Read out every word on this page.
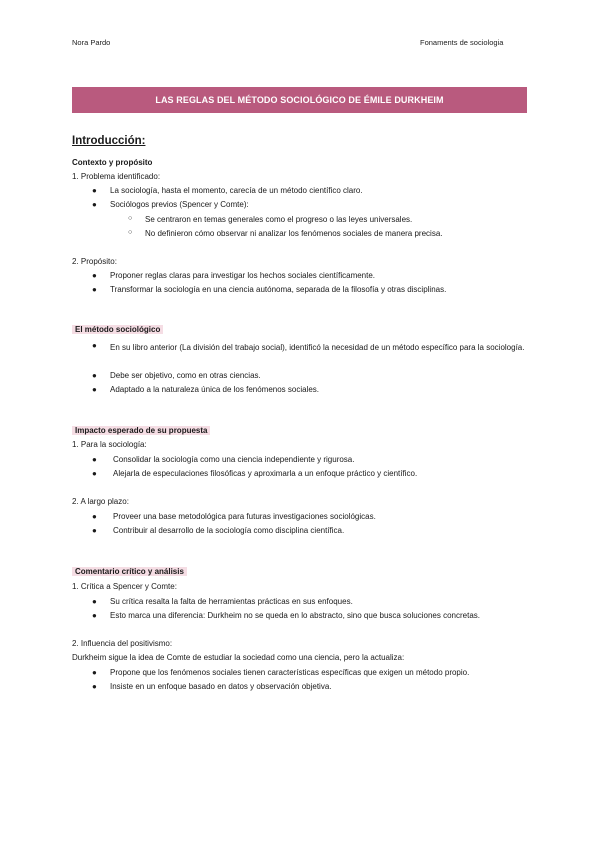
Nora Pardo	Fonaments de sociologia
LAS REGLAS DEL MÉTODO SOCIOLÓGICO DE ÉMILE DURKHEIM
Introducción:
Contexto y propósito
1. Problema identificado:
● La sociología, hasta el momento, carecía de un método científico claro.
● Sociólogos previos (Spencer y Comte):
○ Se centraron en temas generales como el progreso o las leyes universales.
○ No definieron cómo observar ni analizar los fenómenos sociales de manera precisa.
2. Propósito:
● Proponer reglas claras para investigar los hechos sociales científicamente.
● Transformar la sociología en una ciencia autónoma, separada de la filosofía y otras disciplinas.
El método sociológico
● En su libro anterior (La división del trabajo social), identificó la necesidad de un método específico para la sociología.
● Debe ser objetivo, como en otras ciencias.
● Adaptado a la naturaleza única de los fenómenos sociales.
Impacto esperado de su propuesta
1. Para la sociología:
● Consolidar la sociología como una ciencia independiente y rigurosa.
● Alejarla de especulaciones filosóficas y aproximarla a un enfoque práctico y científico.
2. A largo plazo:
● Proveer una base metodológica para futuras investigaciones sociológicas.
● Contribuir al desarrollo de la sociología como disciplina científica.
Comentario crítico y análisis
1. Crítica a Spencer y Comte:
● Su crítica resalta la falta de herramientas prácticas en sus enfoques.
● Esto marca una diferencia: Durkheim no se queda en lo abstracto, sino que busca soluciones concretas.
2. Influencia del positivismo:
Durkheim sigue la idea de Comte de estudiar la sociedad como una ciencia, pero la actualiza:
● Propone que los fenómenos sociales tienen características específicas que exigen un método propio.
● Insiste en un enfoque basado en datos y observación objetiva.
